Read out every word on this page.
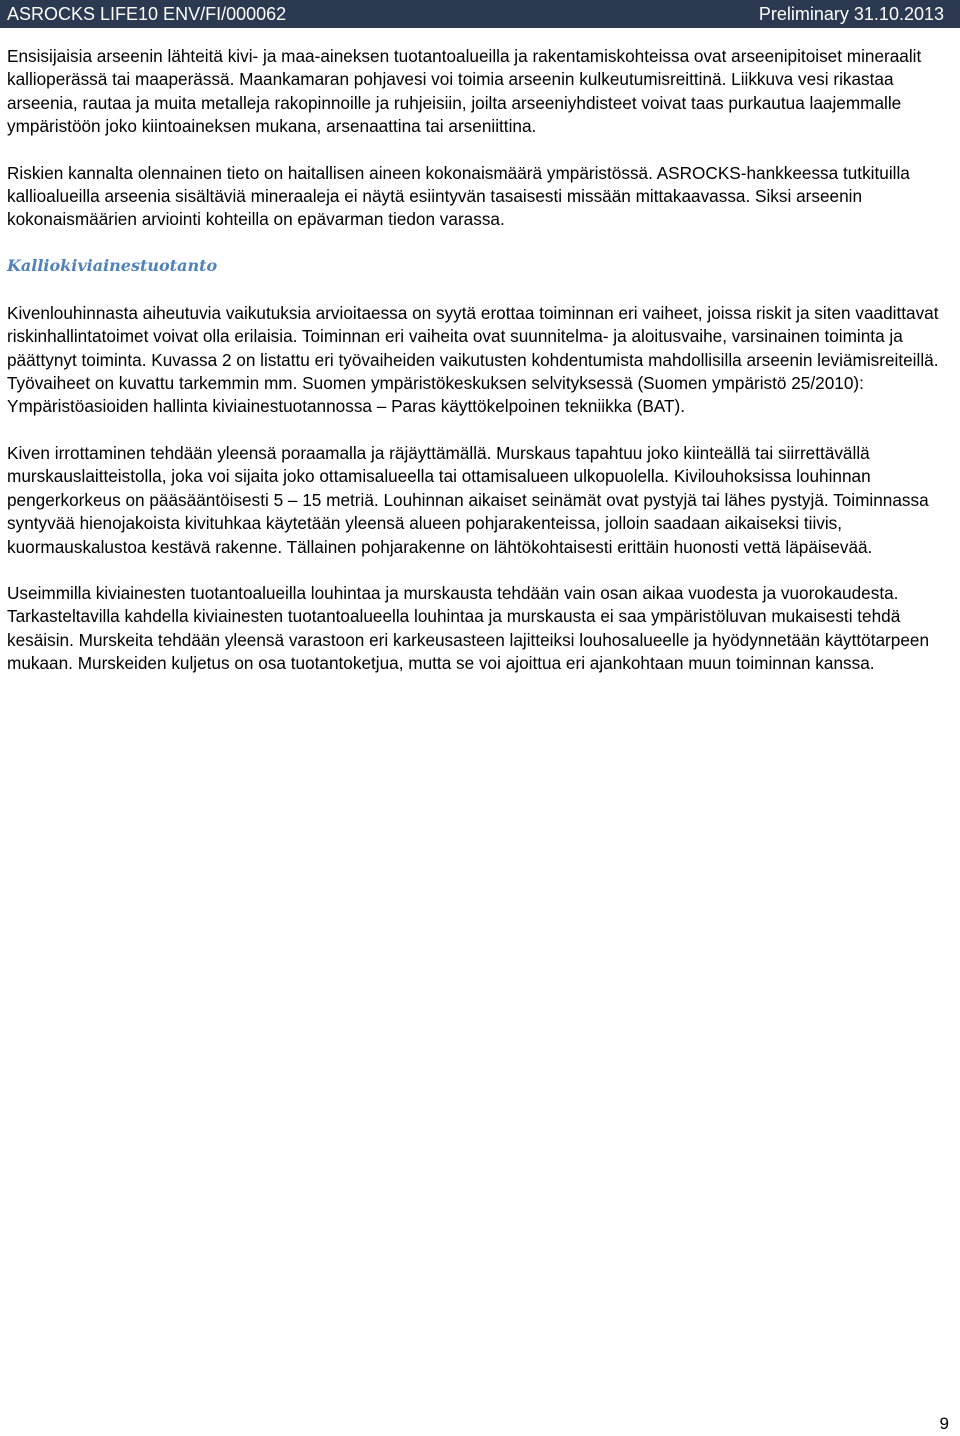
ASROCKS LIFE10 ENV/FI/000062	Preliminary 31.10.2013

Ensisijaisia arseenin lähteitä kivi- ja maa-aineksen tuotantoalueilla ja rakentamiskohteissa ovat arseenipitoiset mineraalit kallioperässä tai maaperässä. Maankamaran pohjavesi voi toimia arseenin kulkeutumisreittinä. Liikkuva vesi rikastaa arseenia, rautaa ja muita metalleja rakopinnoille ja ruhjeisiin, joilta arseeniyhdisteet voivat taas purkautua laajemmalle ympäristöön joko kiintoaineksen mukana, arsenaattina tai arseniittina.

Riskien kannalta olennainen tieto on haitallisen aineen kokonaismäärä ympäristössä. ASROCKS-hankkeessa tutkituilla kallioalueilla arseenia sisältäviä mineraaleja ei näytä esiintyvän tasaisesti missään mittakaavassa. Siksi arseenin kokonaismäärien arviointi kohteilla on epävarman tiedon varassa.

Kalliokiviainestuotanto

Kivenlouhinnasta aiheutuvia vaikutuksia arvioitaessa on syytä erottaa toiminnan eri vaiheet, joissa riskit ja siten vaadittavat riskinhallintatoimet voivat olla erilaisia. Toiminnan eri vaiheita ovat suunnitelma- ja aloitusvaihe, varsinainen toiminta ja päättynyt toiminta. Kuvassa 2 on listattu eri työvaiheiden vaikutusten kohdentumista mahdollisilla arseenin leviämisreiteillä. Työvaiheet on kuvattu tarkemmin mm. Suomen ympäristökeskuksen selvityksessä (Suomen ympäristö 25/2010): Ympäristöasioiden hallinta kiviainestuotannossa – Paras käyttökelpoinen tekniikka (BAT).

Kiven irrottaminen tehdään yleensä poraamalla ja räjäyttämällä. Murskaus tapahtuu joko kiinteällä tai siirrettävällä murskauslaitteistolla, joka voi sijaita joko ottamisalueella tai ottamisalueen ulkopuolella. Kivilouhoksissa louhinnan pengerkorkeus on pääsääntöisesti 5 – 15 metriä. Louhinnan aikaiset seinämät ovat pystyjä tai lähes pystyjä. Toiminnassa syntyvää hienojakoista kivituhkaa käytetään yleensä alueen pohjarakenteissa, jolloin saadaan aikaiseksi tiivis, kuormauskalustoa kestävä rakenne. Tällainen pohjarakenne on lähtökohtaisesti erittäin huonosti vettä läpäisevää.

Useimmilla kiviainesten tuotantoalueilla louhintaa ja murskausta tehdään vain osan aikaa vuodesta ja vuorokaudesta. Tarkasteltavilla kahdella kiviainesten tuotantoalueella louhintaa ja murskausta ei saa ympäristöluvan mukaisesti tehdä kesäisin. Murskeita tehdään yleensä varastoon eri karkeusasteen lajitteiksi louhosalueelle ja hyödynnetään käyttötarpeen mukaan. Murskeiden kuljetus on osa tuotantoketjua, mutta se voi ajoittua eri ajankohtaan muun toiminnan kanssa.

9
